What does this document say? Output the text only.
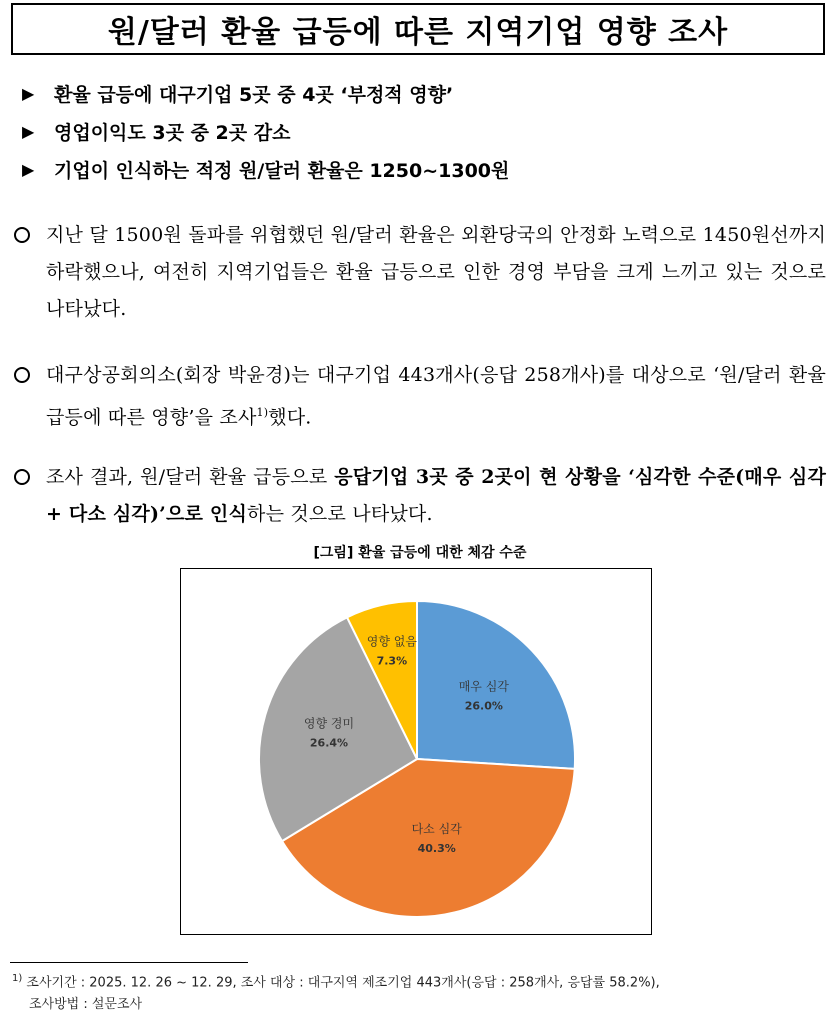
원/달러 환율 급등에 따른 지역기업 영향 조사
▶	환율 급등에 대구기업 5곳 중 4곳 ‘부정적 영향’
▶	영업이익도 3곳 중 2곳 감소
▶	기업이 인식하는 적정 원/달러 환율은 1250~1300원
지난 달 1500원 돌파를 위협했던 원/달러 환율은 외환당국의 안정화 노력으로 1450원선까지 하락했으나, 여전히 지역기업들은 환율 급등으로 인한 경영 부담을 크게 느끼고 있는 것으로 나타났다.
대구상공회의소(회장 박윤경)는 대구기업 443개사(응답 258개사)를 대상으로 ‘원/달러 환율 급등에 따른 영향’을 조사$^{1)}$했다.
조사 결과, 원/달러 환율 급등으로 응답기업 3곳 중 2곳이 현 상황을 ‘심각한 수준(매우 심각 + 다소 심각)’으로 인식하는 것으로 나타났다.
[그림] 환율 급등에 대한 체감 수준
매우 심각
26.0%
다소 심각
40.3%
영향 경미
26.4%
영향 없음
7.3%
$^{1)}$ 조사기간 : 2025. 12. 26 ~ 12. 29, 조사 대상 : 대구지역 제조기업 443개사(응답 : 258개사, 응답률 58.2%),
조사방법 : 설문조사
